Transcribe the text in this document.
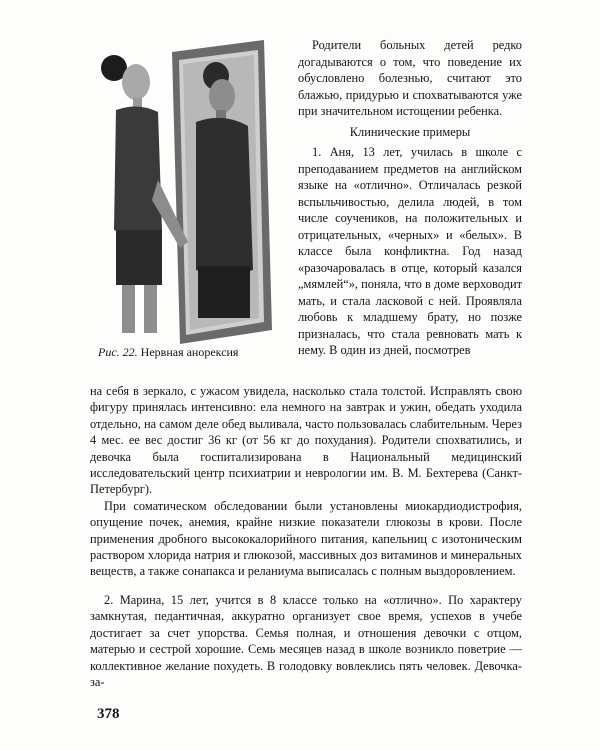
Рис. 22. Нервная анорексия

Родители больных детей редко догадываются о том, что поведение их обусловлено болезнью, считают это блажью, придурью и спохватываются уже при значительном истощении ребенка.

Клинические примеры

1. Аня, 13 лет, училась в школе с преподаванием предметов на английском языке на «отлично». Отличалась резкой вспыльчивостью, делила людей, в том числе соучеников, на положительных и отрицательных, «черных» и «белых». В классе была конфликтна. Год назад «разочаровалась в отце, который казался „мямлей“», поняла, что в доме верховодит мать, и стала ласковой с ней. Проявляла любовь к младшему брату, но позже призналась, что стала ревновать мать к нему. В один из дней, посмотрев

на себя в зеркало, с ужасом увидела, насколько стала толстой. Исправлять свою фигуру принялась интенсивно: ела немного на завтрак и ужин, обедать уходила отдельно, на самом деле обед выливала, часто пользовалась слабительным. Через 4 мес. ее вес достиг 36 кг (от 56 кг до похудания). Родители спохватились, и девочка была госпитализирована в Национальный медицинский исследовательский центр психиатрии и неврологии им. В. М. Бехтерева (Санкт-Петербург).

При соматическом обследовании были установлены миокардиодистрофия, опущение почек, анемия, крайне низкие показатели глюкозы в крови. После применения дробного высококалорийного питания, капельниц с изотоническим раствором хлорида натрия и глюкозой, массивных доз витаминов и минеральных веществ, а также сонапакса и реланиума выписалась с полным выздоровлением.

2. Марина, 15 лет, учится в 8 классе только на «отлично». По характеру замкнутая, педантичная, аккуратно организует свое время, успехов в учебе достигает за счет упорства. Семья полная, и отношения девочки с отцом, матерью и сестрой хорошие. Семь месяцев назад в школе возникло поветрие — коллективное желание похудеть. В голодовку вовлеклись пять человек. Девочка-за-

378
